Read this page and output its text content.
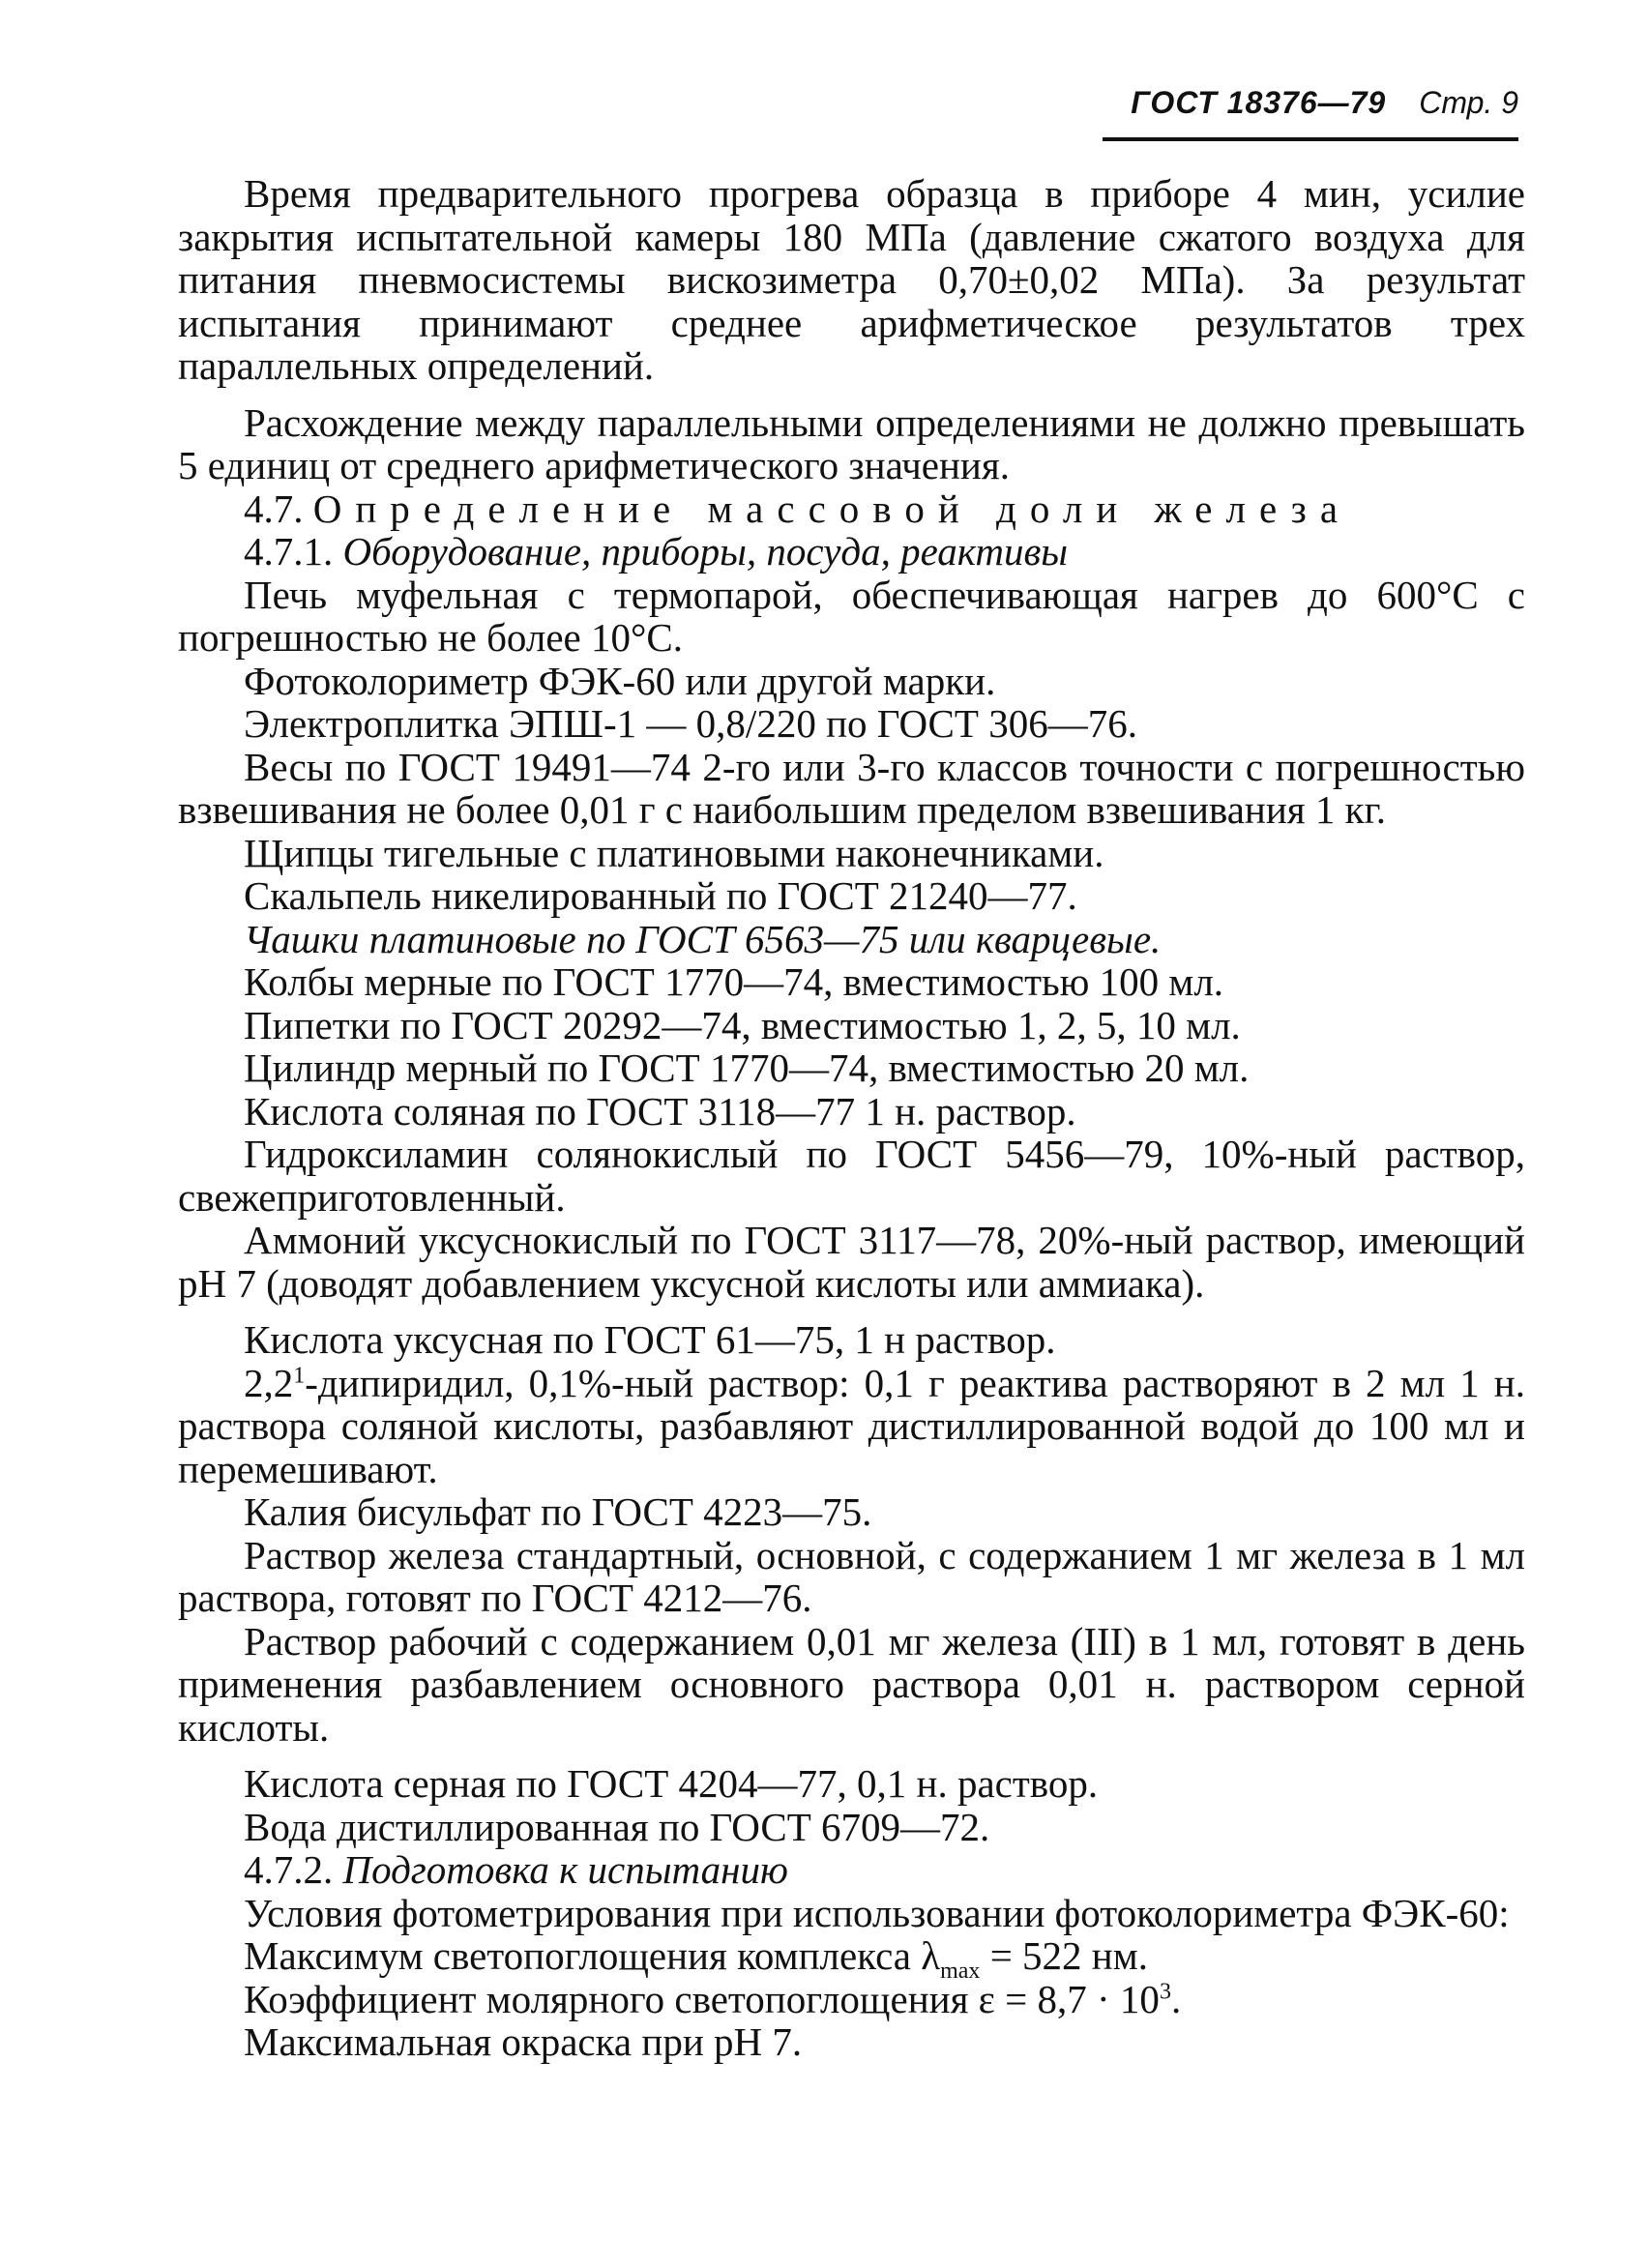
ГОСТ 18376—79 Стр. 9

Время предварительного прогрева образца в приборе 4 мин, усилие закрытия испытательной камеры 180 МПа (давление сжатого воздуха для питания пневмосистемы вискозиметра 0,70±0,02 МПа). За результат испытания принимают среднее арифметическое результатов трех параллельных определений.

Расхождение между параллельными определениями не должно превышать 5 единиц от среднего арифметического значения.

4.7. Определение массовой доли железа

4.7.1. Оборудование, приборы, посуда, реактивы

Печь муфельная с термопарой, обеспечивающая нагрев до 600°С с погрешностью не более 10°С.

Фотоколориметр ФЭК-60 или другой марки.

Электроплитка ЭПШ-1 — 0,8/220 по ГОСТ 306—76.

Весы по ГОСТ 19491—74 2-го или 3-го классов точности с погрешностью взвешивания не более 0,01 г с наибольшим пределом взвешивания 1 кг.

Щипцы тигельные с платиновыми наконечниками.

Скальпель никелированный по ГОСТ 21240—77.

Чашки платиновые по ГОСТ 6563—75 или кварцевые.

Колбы мерные по ГОСТ 1770—74, вместимостью 100 мл.

Пипетки по ГОСТ 20292—74, вместимостью 1, 2, 5, 10 мл.

Цилиндр мерный по ГОСТ 1770—74, вместимостью 20 мл.

Кислота соляная по ГОСТ 3118—77 1 н. раствор.

Гидроксиламин солянокислый по ГОСТ 5456—79, 10%-ный раствор, свежеприготовленный.

Аммоний уксуснокислый по ГОСТ 3117—78, 20%-ный раствор, имеющий рН 7 (доводят добавлением уксусной кислоты или аммиака).

Кислота уксусная по ГОСТ 61—75, 1 н раствор.

$2,2^1$-дипиридил, 0,1%-ный раствор: 0,1 г реактива растворяют в 2 мл 1 н. раствора соляной кислоты, разбавляют дистиллированной водой до 100 мл и перемешивают.

Калия бисульфат по ГОСТ 4223—75.

Раствор железа стандартный, основной, с содержанием 1 мг железа в 1 мл раствора, готовят по ГОСТ 4212—76.

Раствор рабочий с содержанием 0,01 мг железа (III) в 1 мл, готовят в день применения разбавлением основного раствора 0,01 н. раствором серной кислоты.

Кислота серная по ГОСТ 4204—77, 0,1 н. раствор.

Вода дистиллированная по ГОСТ 6709—72.

4.7.2. Подготовка к испытанию

Условия фотометрирования при использовании фотоколориметра ФЭК-60:

Максимум светопоглощения комплекса $\lambda_{max} = 522$ нм.

Коэффициент молярного светопоглощения $\varepsilon = 8,7 \cdot 10^3$.

Максимальная окраска при рН 7.
